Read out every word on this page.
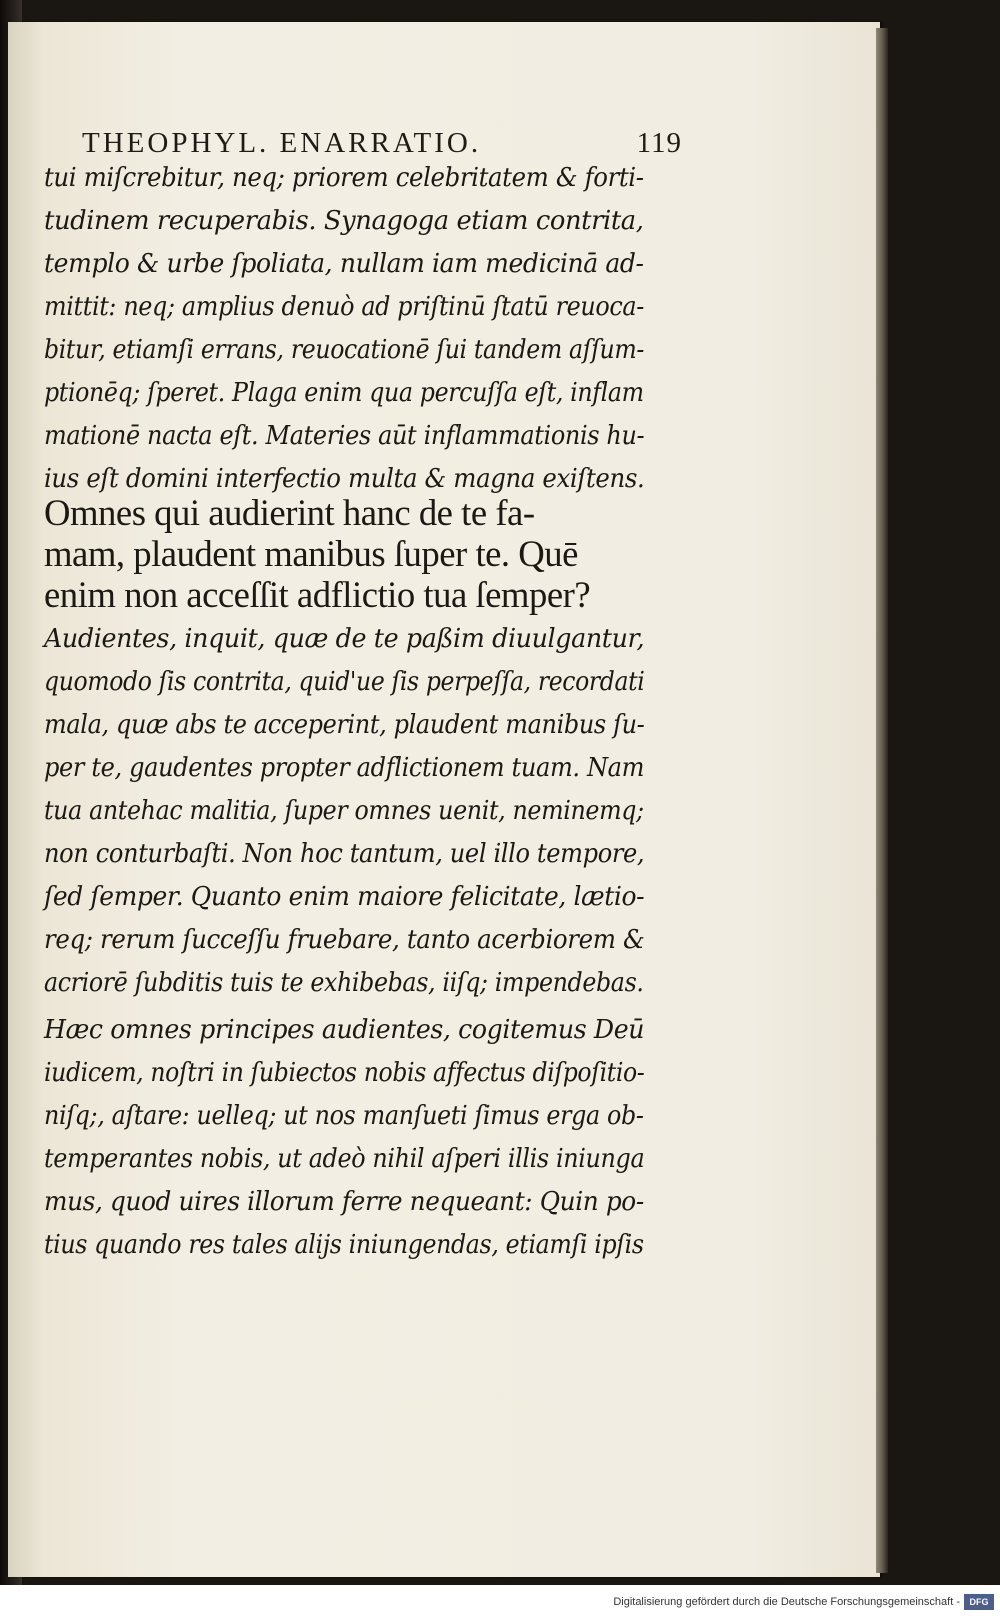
THEOPHYL. ENARRATIO.	119
tui miſcrebitur, neq; priorem celebritatem & forti-
tudinem recuperabis. Synagoga etiam contrita,
templo & urbe ſpoliata, nullam iam medicinā ad-
mittit: neq; amplius denuò ad priſtinū ſtatū reuoca-
bitur, etiamſi errans, reuocationē ſui tandem aſſum-
ptionēq; ſperet. Plaga enim qua percuſſa eſt, inflam
mationē nacta eſt. Materies aūt inflammationis hu-
ius eſt domini interfectio multa & magna exiſtens.
Omnes qui audierint hanc de te fa-
mam, plaudent manibus ſuper te. Quē
enim non acceſſit adflictio tua ſemper?
Audientes, inquit, quæ de te paßim diuulgantur,
quomodo ſis contrita, quid'ue ſis perpeſſa, recordati
mala, quæ abs te acceperint, plaudent manibus ſu-
per te, gaudentes propter adflictionem tuam. Nam
tua antehac malitia, ſuper omnes uenit, neminemq;
non conturbaſti. Non hoc tantum, uel illo tempore,
ſed ſemper. Quanto enim maiore felicitate, lætio-
req; rerum ſucceſſu fruebare, tanto acerbiorem &
acriorē ſubditis tuis te exhibebas, iiſq; impendebas.
Hæc omnes principes audientes, cogitemus Deū
iudicem, noſtri in ſubiectos nobis affectus diſpoſitio-
niſq;, aſtare: uelleq; ut nos manſueti ſimus erga ob-
temperantes nobis, ut adeò nihil aſperi illis iniunga
mus, quod uires illorum ferre nequeant: Quin po-
tius quando res tales alijs iniungendas, etiamſi ipſis
Digitalisierung gefördert durch die Deutsche Forschungsgemeinschaft -	DFG
